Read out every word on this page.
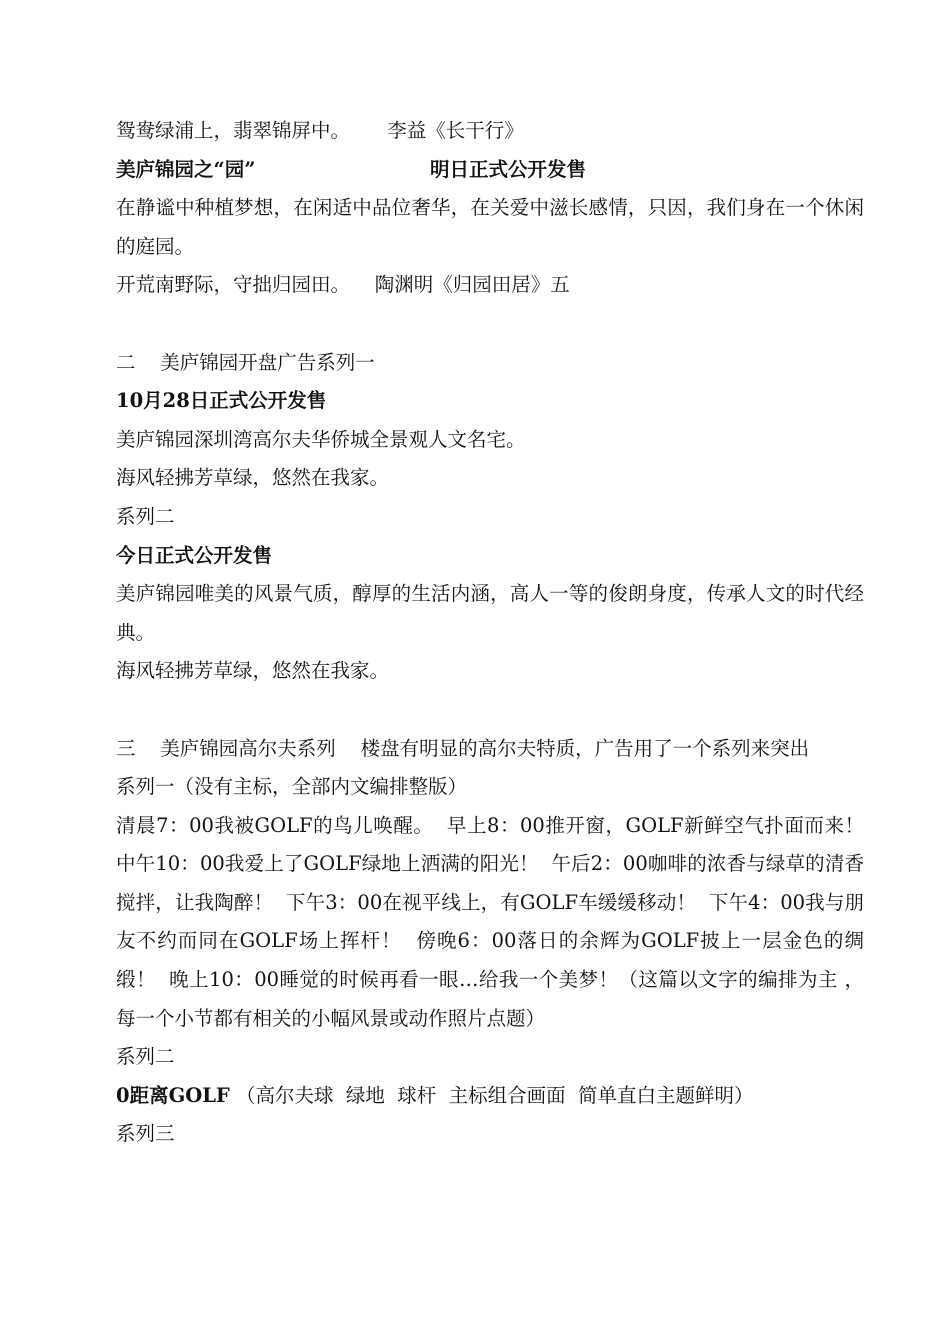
鸳鸯绿浦上，翡翠锦屏中。      李益《长干行》

美庐锦园之“园”	明日正式公开发售

在静谧中种植梦想，在闲适中品位奢华，在关爱中滋长感情，只因，我们身在一个休闲的庭园。

开荒南野际，守拙归园田。    陶渊明《归园田居》五

二    美庐锦园开盘广告系列一

10月28日正式公开发售

美庐锦园深圳湾高尔夫华侨城全景观人文名宅。

海风轻拂芳草绿，悠然在我家。

系列二

今日正式公开发售

美庐锦园唯美的风景气质，醇厚的生活内涵，高人一等的俊朗身度，传承人文的时代经典。

海风轻拂芳草绿，悠然在我家。

三    美庐锦园高尔夫系列    楼盘有明显的高尔夫特质，广告用了一个系列来突出

系列一（没有主标，全部内文编排整版）

清晨7：00我被GOLF的鸟儿唤醒。  早上8：00推开窗，GOLF新鲜空气扑面而来！  中午10：00我爱上了GOLF绿地上洒满的阳光！  午后2：00咖啡的浓香与绿草的清香搅拌，让我陶醉！  下午3：00在视平线上，有GOLF车缓缓移动！  下午4：00我与朋友不约而同在GOLF场上挥杆！  傍晚6：00落日的余辉为GOLF披上一层金色的绸缎！  晚上10：00睡觉的时候再看一眼…给我一个美梦！（这篇以文字的编排为主 ，每一个小节都有相关的小幅风景或动作照片点题）

系列二

0距离GOLF （高尔夫球  绿地  球杆  主标组合画面  简单直白主题鲜明）

系列三
